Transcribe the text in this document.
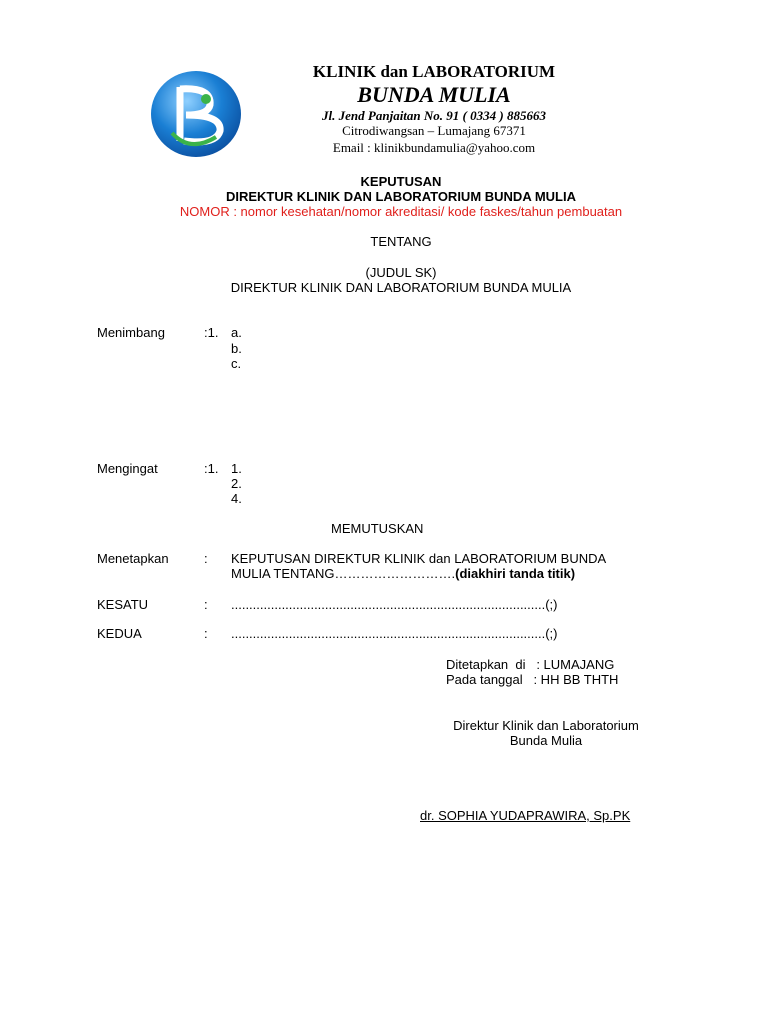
KLINIK dan LABORATORIUM
BUNDA MULIA
Jl. Jend Panjaitan No. 91 ( 0334 ) 885663
Citrodiwangsan – Lumajang 67371
Email : klinikbundamulia@yahoo.com
KEPUTUSAN
DIREKTUR KLINIK DAN LABORATORIUM BUNDA MULIA
NOMOR : nomor kesehatan/nomor akreditasi/ kode faskes/tahun pembuatan
TENTANG
(JUDUL SK)
DIREKTUR KLINIK DAN LABORATORIUM BUNDA MULIA
Menimbang	:1. a.
b.
c.
Mengingat	:1. 1.
2.
4.
MEMUTUSKAN
Menetapkan	: KEPUTUSAN DIREKTUR KLINIK dan LABORATORIUM BUNDA
MULIA TENTANG……………………….(diakhiri tanda titik)
KESATU	: .......................................................................................(;)
KEDUA	: .......................................................................................(;)
Ditetapkan  di   : LUMAJANG
Pada tanggal   : HH BB THTH
Direktur Klinik dan Laboratorium
Bunda Mulia
dr. SOPHIA YUDAPRAWIRA, Sp.PK
